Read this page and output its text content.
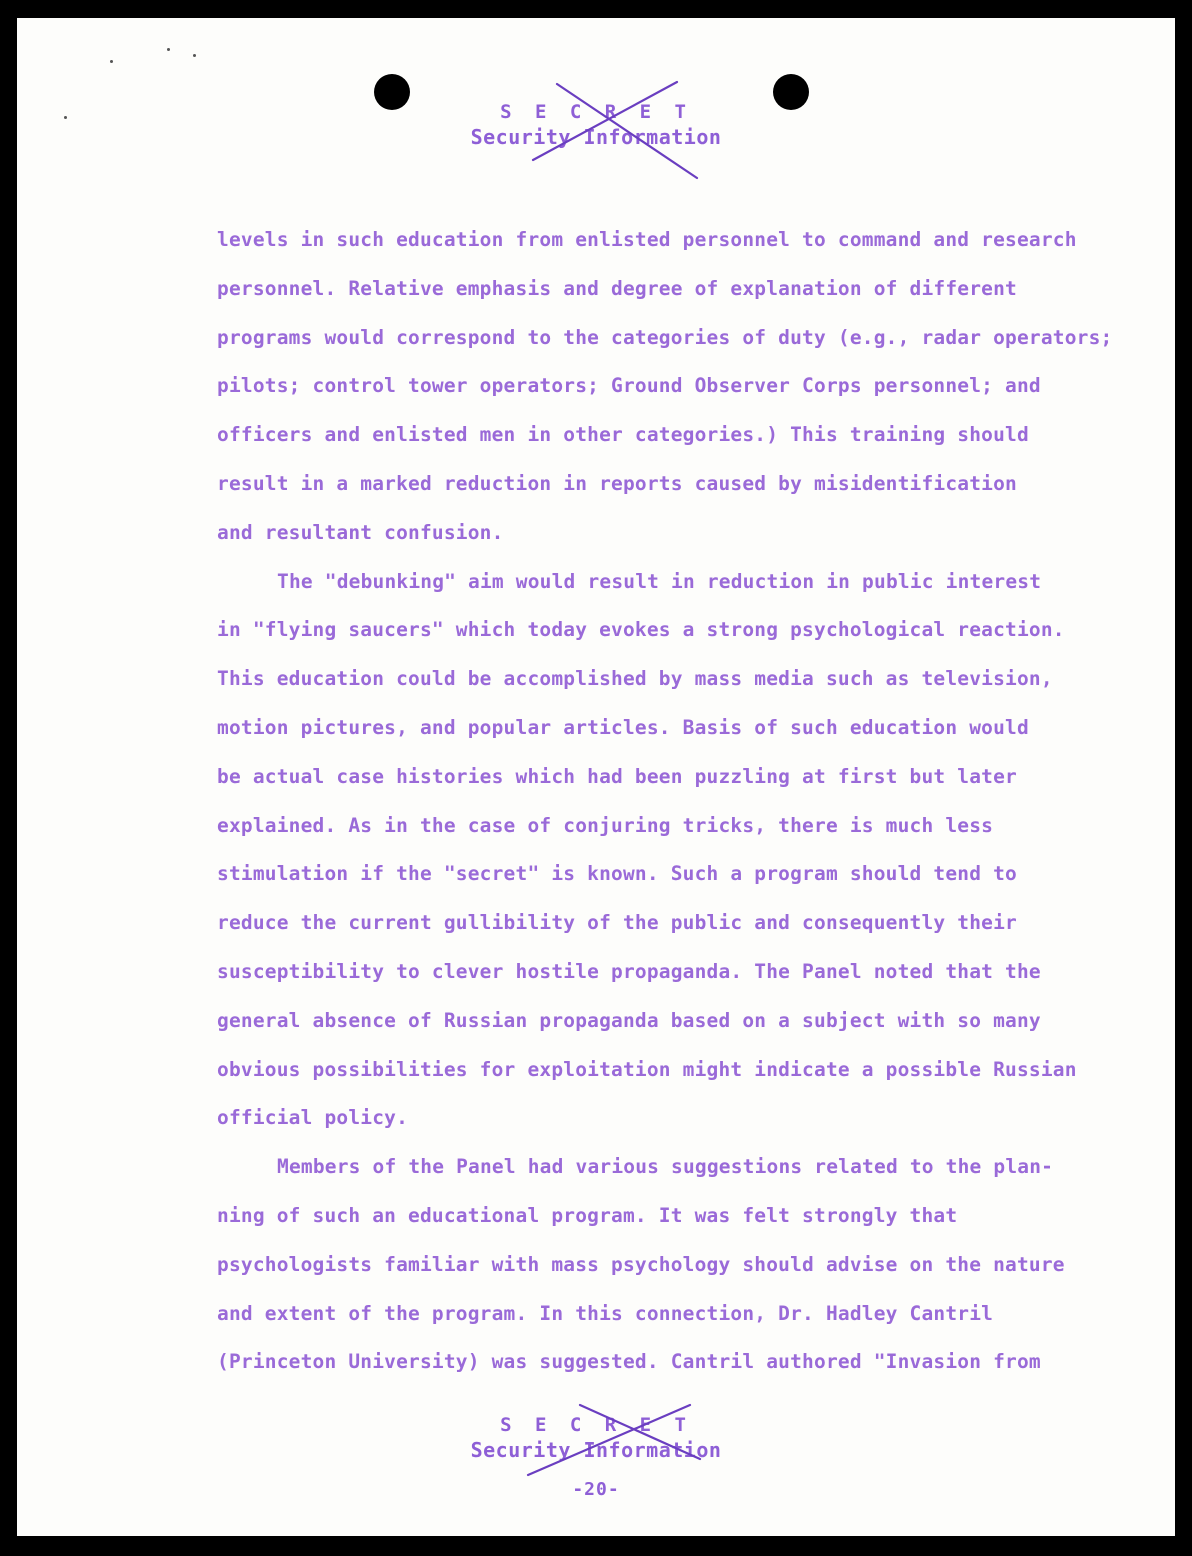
S E C R E T
Security Information
levels in such education from enlisted personnel to command and research
personnel. Relative emphasis and degree of explanation of different
programs would correspond to the categories of duty (e.g., radar operators;
pilots; control tower operators; Ground Observer Corps personnel; and
officers and enlisted men in other categories.) This training should
result in a marked reduction in reports caused by misidentification
and resultant confusion.
The "debunking" aim would result in reduction in public interest
in "flying saucers" which today evokes a strong psychological reaction.
This education could be accomplished by mass media such as television,
motion pictures, and popular articles. Basis of such education would
be actual case histories which had been puzzling at first but later
explained. As in the case of conjuring tricks, there is much less
stimulation if the "secret" is known. Such a program should tend to
reduce the current gullibility of the public and consequently their
susceptibility to clever hostile propaganda. The Panel noted that the
general absence of Russian propaganda based on a subject with so many
obvious possibilities for exploitation might indicate a possible Russian
official policy.
Members of the Panel had various suggestions related to the plan-
ning of such an educational program. It was felt strongly that
psychologists familiar with mass psychology should advise on the nature
and extent of the program. In this connection, Dr. Hadley Cantril
(Princeton University) was suggested. Cantril authored "Invasion from
S E C R E T
Security Information
-20-
